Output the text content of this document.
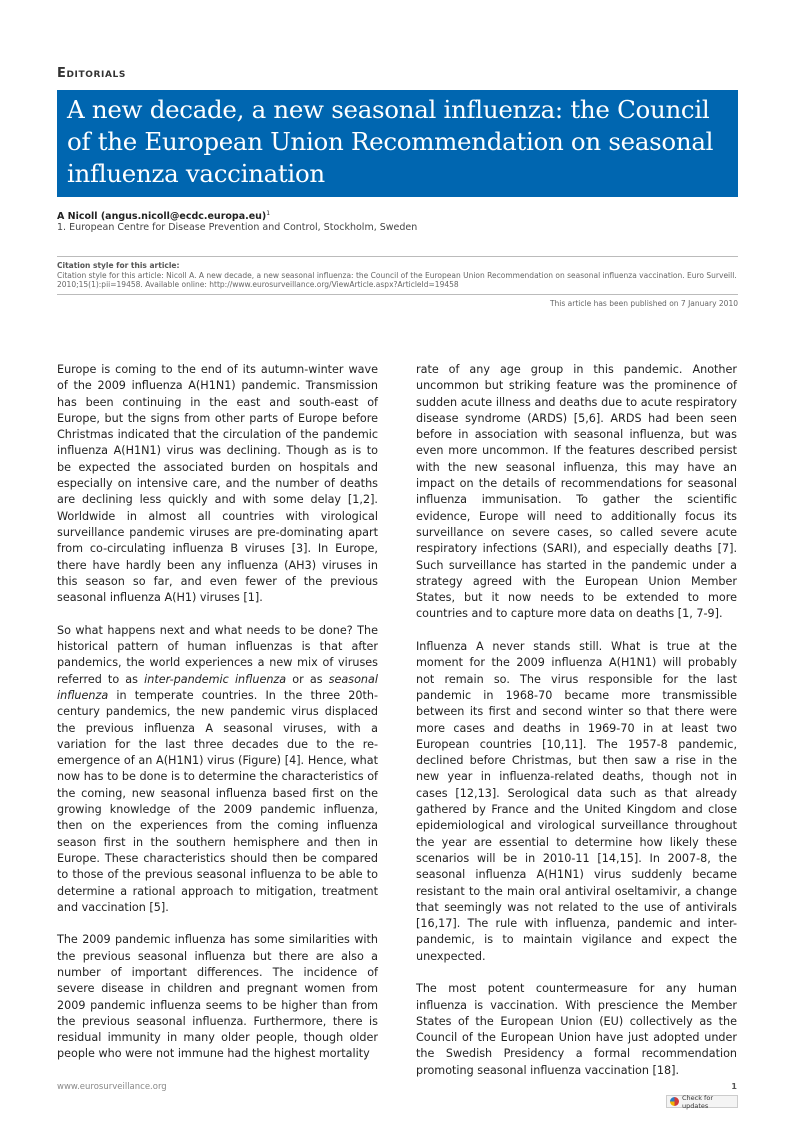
Editorials
A new decade, a new seasonal influenza: the Council of the European Union Recommendation on seasonal influenza vaccination
A Nicoll (angus.nicoll@ecdc.europa.eu)$^1$
1. European Centre for Disease Prevention and Control, Stockholm, Sweden
Citation style for this article:
Citation style for this article: Nicoll A. A new decade, a new seasonal influenza: the Council of the European Union Recommendation on seasonal influenza vaccination. Euro Surveill. 2010;15(1):pii=19458. Available online: http://www.eurosurveillance.org/ViewArticle.aspx?ArticleId=19458
This article has been published on 7 January 2010

Europe is coming to the end of its autumn-winter wave of the 2009 influenza A(H1N1) pandemic. Transmission has been continuing in the east and south-east of Europe, but the signs from other parts of Europe before Christmas indicated that the circulation of the pandemic influenza A(H1N1) virus was declining. Though as is to be expected the associated burden on hospitals and especially on intensive care, and the number of deaths are declining less quickly and with some delay [1,2]. Worldwide in almost all countries with virological surveillance pandemic viruses are pre-dominating apart from co-circulating influenza B viruses [3]. In Europe, there have hardly been any influenza (AH3) viruses in this season so far, and even fewer of the previous seasonal influenza A(H1) viruses [1].

So what happens next and what needs to be done? The historical pattern of human influenzas is that after pandemics, the world experiences a new mix of viruses referred to as inter-pandemic influenza or as seasonal influenza in temperate countries. In the three 20th-century pandemics, the new pandemic virus displaced the previous influenza A seasonal viruses, with a variation for the last three decades due to the re-emergence of an A(H1N1) virus (Figure) [4]. Hence, what now has to be done is to determine the characteristics of the coming, new seasonal influenza based first on the growing knowledge of the 2009 pandemic influenza, then on the experiences from the coming influenza season first in the southern hemisphere and then in Europe. These characteristics should then be compared to those of the previous seasonal influenza to be able to determine a rational approach to mitigation, treatment and vaccination [5].

The 2009 pandemic influenza has some similarities with the previous seasonal influenza but there are also a number of important differences. The incidence of severe disease in children and pregnant women from 2009 pandemic influenza seems to be higher than from the previous seasonal influenza. Furthermore, there is residual immunity in many older people, though older people who were not immune had the highest mortality

rate of any age group in this pandemic. Another uncommon but striking feature was the prominence of sudden acute illness and deaths due to acute respiratory disease syndrome (ARDS) [5,6]. ARDS had been seen before in association with seasonal influenza, but was even more uncommon. If the features described persist with the new seasonal influenza, this may have an impact on the details of recommendations for seasonal influenza immunisation. To gather the scientific evidence, Europe will need to additionally focus its surveillance on severe cases, so called severe acute respiratory infections (SARI), and especially deaths [7]. Such surveillance has started in the pandemic under a strategy agreed with the European Union Member States, but it now needs to be extended to more countries and to capture more data on deaths [1, 7-9].

Influenza A never stands still. What is true at the moment for the 2009 influenza A(H1N1) will probably not remain so. The virus responsible for the last pandemic in 1968-70 became more transmissible between its first and second winter so that there were more cases and deaths in 1969-70 in at least two European countries [10,11]. The 1957-8 pandemic, declined before Christmas, but then saw a rise in the new year in influenza-related deaths, though not in cases [12,13]. Serological data such as that already gathered by France and the United Kingdom and close epidemiological and virological surveillance throughout the year are essential to determine how likely these scenarios will be in 2010-11 [14,15]. In 2007-8, the seasonal influenza A(H1N1) virus suddenly became resistant to the main oral antiviral oseltamivir, a change that seemingly was not related to the use of antivirals [16,17]. The rule with influenza, pandemic and inter-pandemic, is to maintain vigilance and expect the unexpected.

The most potent countermeasure for any human influenza is vaccination. With prescience the Member States of the European Union (EU) collectively as the Council of the European Union have just adopted under the Swedish Presidency a formal recommendation promoting seasonal influenza vaccination [18].

www.eurosurveillance.org	1
Check for updates
